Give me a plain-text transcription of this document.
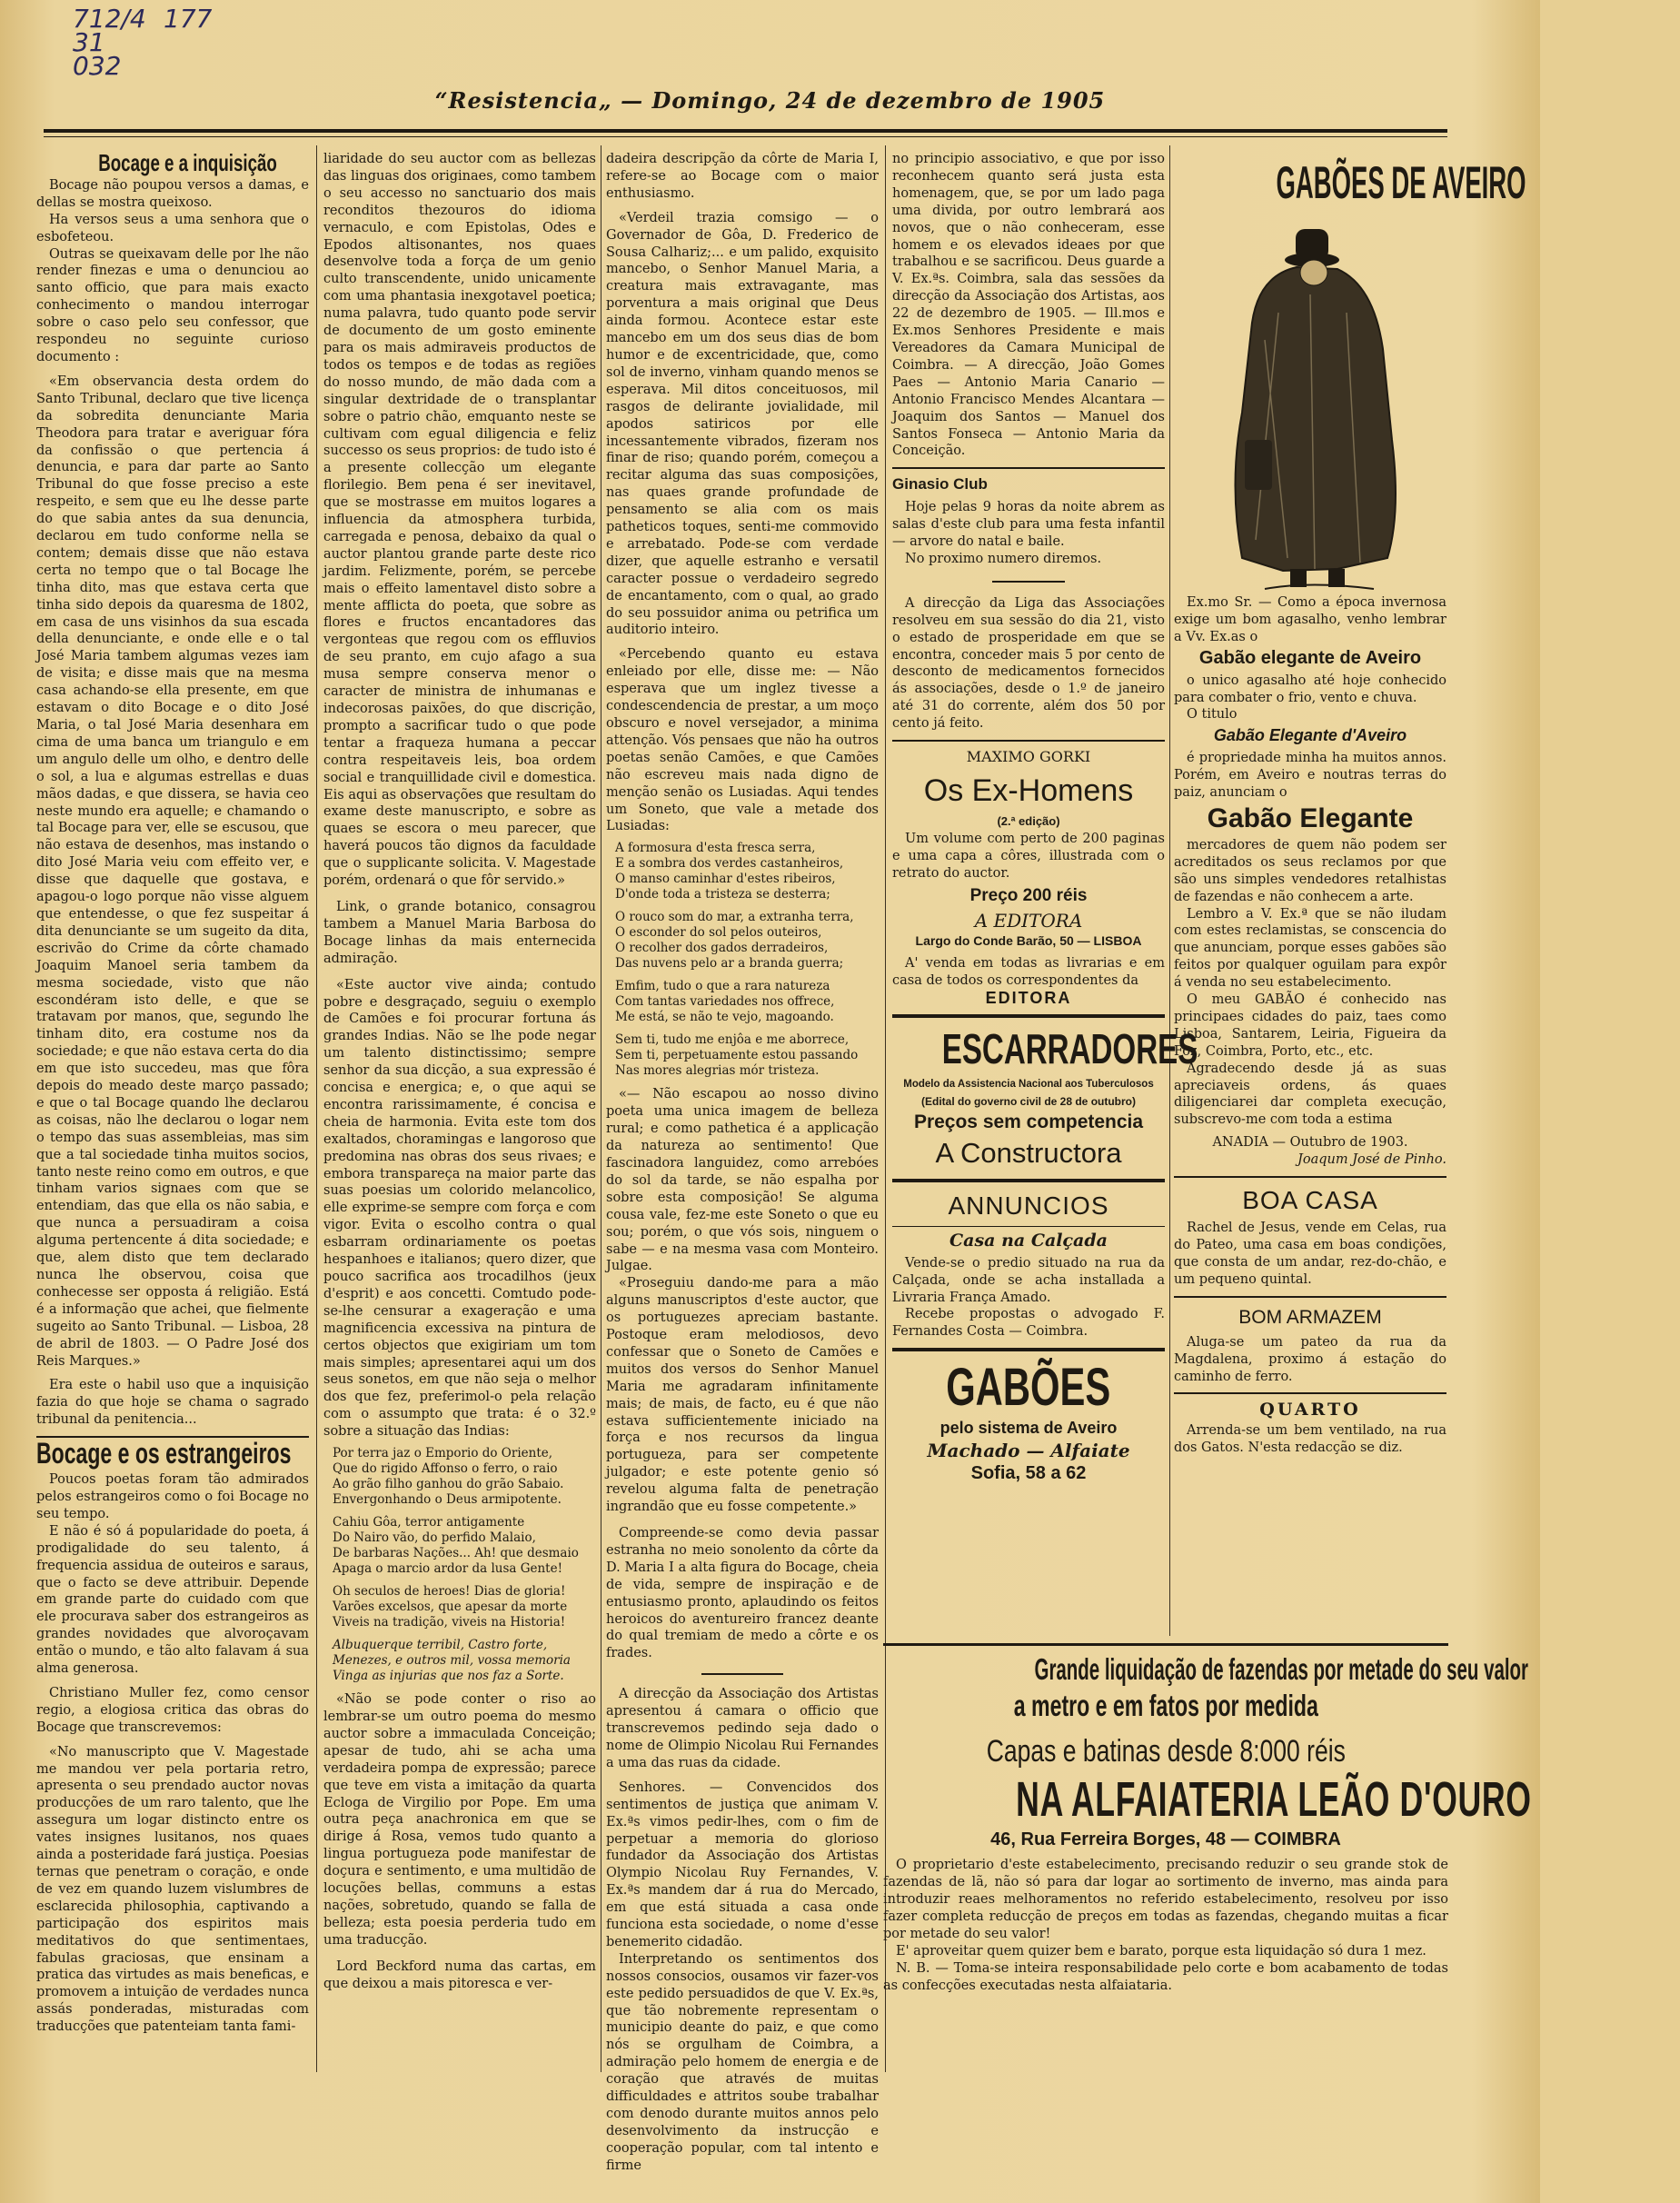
712/4
31
032
177
“Resistencia„ — Domingo, 24 de dezembro de 1905
Bocage e a inquisição

Bocage não poupou versos a damas, e dellas se mostra queixoso.

Ha versos seus a uma senhora que o esbofeteou.

Outras se queixavam delle por lhe não render finezas e uma o denunciou ao santo officio, que para mais exacto conhecimento o mandou interrogar sobre o caso pelo seu confessor, que respondeu no seguinte curioso documento :

«Em observancia desta ordem do Santo Tribunal, declaro que tive licença da sobredita denunciante Maria Theodora para tratar e averiguar fóra da confissão o que pertencia á denuncia, e para dar parte ao Santo Tribunal do que fosse preciso a este respeito, e sem que eu lhe desse parte do que sabia antes da sua denuncia, declarou em tudo conforme nella se contem; demais disse que não estava certa no tempo que o tal Bocage lhe tinha dito, mas que estava certa que tinha sido depois da quaresma de 1802, em casa de uns visinhos da sua escada della denunciante, e onde elle e o tal José Maria tambem algumas vezes iam de visita; e disse mais que na mesma casa achando-se ella presente, em que estavam o dito Bocage e o dito José Maria, o tal José Maria desenhara em cima de uma banca um triangulo e em um angulo delle um olho, e dentro delle o sol, a lua e algumas estrellas e duas mãos dadas, e que dissera, se havia ceo neste mundo era aquelle; e chamando o tal Bocage para ver, elle se escusou, que não estava de desenhos, mas instando o dito José Maria veiu com effeito ver, e disse que daquelle que gostava, e apagou-o logo porque não visse alguem que entendesse, o que fez suspeitar á dita denunciante se um sugeito da dita, escrivão do Crime da côrte chamado Joaquim Manoel seria tambem da mesma sociedade, visto que não escondéram isto delle, e que se tratavam por manos, que, segundo lhe tinham dito, era costume nos da sociedade; e que não estava certa do dia em que isto succedeu, mas que fôra depois do meado deste março passado; e que o tal Bocage quando lhe declarou as coisas, não lhe declarou o logar nem o tempo das suas assembleias, mas sim que a tal sociedade tinha muitos socios, tanto neste reino como em outros, e que tinham varios signaes com que se entendiam, das que ella os não sabia, e que nunca a persuadiram a coisa alguma pertencente á dita sociedade; e que, alem disto que tem declarado nunca lhe observou, coisa que conhecesse ser opposta á religião. Está é a informação que achei, que fielmente sugeito ao Santo Tribunal. — Lisboa, 28 de abril de 1803. — O Padre José dos Reis Marques.»

Era este o habil uso que a inquisição fazia do que hoje se chama o sagrado tribunal da penitencia...

Bocage e os estrangeiros

Poucos poetas foram tão admirados pelos estrangeiros como o foi Bocage no seu tempo.

E não é só á popularidade do poeta, á prodigalidade do seu talento, á frequencia assidua de outeiros e saraus, que o facto se deve attribuir. Depende em grande parte do cuidado com que ele procurava saber dos estrangeiros as grandes novidades que alvoroçavam então o mundo, e tão alto falavam á sua alma generosa.

Christiano Muller fez, como censor regio, a elogiosa critica das obras do Bocage que transcrevemos:

«No manuscripto que V. Magestade me mandou ver pela portaria retro, apresenta o seu prendado auctor novas producções de um raro talento, que lhe assegura um logar distincto entre os vates insignes lusitanos, nos quaes ainda a posteridade fará justiça. Poesias ternas que penetram o coração, e onde de vez em quando luzem vislumbres de esclarecida philosophia, captivando a participação dos espiritos mais meditativos do que sentimentaes, fabulas graciosas, que ensinam a pratica das virtudes as mais beneficas, e promovem a intuição de verdades nunca assás ponderadas, misturadas com traducções que patenteiam tanta fami-

liaridade do seu auctor com as bellezas das linguas dos originaes, como tambem o seu accesso no sanctuario dos mais reconditos thezouros do idioma vernaculo, e com Epistolas, Odes e Epodos altisonantes, nos quaes desenvolve toda a força de um genio culto transcendente, unido unicamente com uma phantasia inexgotavel poetica; numa palavra, tudo quanto pode servir de documento de um gosto eminente para os mais admiraveis productos de todos os tempos e de todas as regiões do nosso mundo, de mão dada com a singular dextridade de o transplantar sobre o patrio chão, emquanto neste se cultivam com egual diligencia e feliz successo os seus proprios: de tudo isto é a presente collecção um elegante florilegio. Bem pena é ser inevitavel, que se mostrasse em muitos logares a influencia da atmosphera turbida, carregada e penosa, debaixo da qual o auctor plantou grande parte deste rico jardim. Felizmente, porém, se percebe mais o effeito lamentavel disto sobre a mente afflicta do poeta, que sobre as flores e fructos encantadores das vergonteas que regou com os effluvios de seu pranto, em cujo afago a sua musa sempre conserva menor o caracter de ministra de inhumanas e indecorosas paixões, do que discrição, prompto a sacrificar tudo o que pode tentar a fraqueza humana a peccar contra respeitaveis leis, boa ordem social e tranquillidade civil e domestica. Eis aqui as observações que resultam do exame deste manuscripto, e sobre as quaes se escora o meu parecer, que haverá poucos tão dignos da faculdade que o supplicante solicita. V. Magestade porém, ordenará o que fôr servido.»

Link, o grande botanico, consagrou tambem a Manuel Maria Barbosa do Bocage linhas da mais enternecida admiração.

«Este auctor vive ainda; contudo pobre e desgraçado, seguiu o exemplo de Camões e foi procurar fortuna ás grandes Indias. Não se lhe pode negar um talento distinctissimo; sempre senhor da sua dicção, a sua expressão é concisa e energica; e, o que aqui se encontra rarissimamente, é concisa e cheia de harmonia. Evita este tom dos exaltados, choramingas e langoroso que predomina nas obras dos seus rivaes; e embora transpareça na maior parte das suas poesias um colorido melancolico, elle exprime-se sempre com força e com vigor. Evita o escolho contra o qual esbarram ordinariamente os poetas hespanhoes e italianos; quero dizer, que pouco sacrifica aos trocadilhos (jeux d'esprit) e aos concetti. Comtudo pode-se-lhe censurar a exageração e uma magnificencia excessiva na pintura de certos objectos que exigiriam um tom mais simples; apresentarei aqui um dos seus sonetos, em que não seja o melhor dos que fez, preferimol-o pela relação com o assumpto que trata: é o 32.º sobre a situação das Indias:

Por terra jaz o Emporio do Oriente,
Que do rigido Affonso o ferro, o raio
Ao grão filho ganhou do grão Sabaio.
Envergonhando o Deus armipotente.
Cahiu Gôa, terror antigamente
Do Nairo vão, do perfido Malaio,
De barbaras Nações... Ah! que desmaio
Apaga o marcio ardor da lusa Gente!
Oh seculos de heroes! Dias de gloria!
Varões excelsos, que apesar da morte
Viveis na tradição, viveis na Historia!
Albuquerque terribil, Castro forte,
Menezes, e outros mil, vossa memoria
Vinga as injurias que nos faz a Sorte.

«Não se pode conter o riso ao lembrar-se um outro poema do mesmo auctor sobre a immaculada Conceição; apesar de tudo, ahi se acha uma verdadeira pompa de expressão; parece que teve em vista a imitação da quarta Ecloga de Virgilio por Pope. Em uma outra peça anachronica em que se dirige á Rosa, vemos tudo quanto a lingua portugueza pode manifestar de doçura e sentimento, e uma multidão de locuções bellas, communs a estas nações, sobretudo, quando se falla de belleza; esta poesia perderia tudo em uma traducção.

Lord Beckford numa das cartas, em que deixou a mais pitoresca e ver-

dadeira descripção da côrte de Maria I, refere-se ao Bocage com o maior enthusiasmo.

«Verdeil trazia comsigo — o Governador de Gôa, D. Frederico de Sousa Calhariz;... e um palido, exquisito mancebo, o Senhor Manuel Maria, a creatura mais extravagante, mas porventura a mais original que Deus ainda formou. Acontece estar este mancebo em um dos seus dias de bom humor e de excentricidade, que, como sol de inverno, vinham quando menos se esperava. Mil ditos conceituosos, mil rasgos de delirante jovialidade, mil apodos satiricos por elle incessantemente vibrados, fizeram nos finar de riso; quando porém, começou a recitar alguma das suas composições, nas quaes grande profundade de pensamento se alia com os mais patheticos toques, senti-me commovido e arrebatado. Pode-se com verdade dizer, que aquelle estranho e versatil caracter possue o verdadeiro segredo de encantamento, com o qual, ao grado do seu possuidor anima ou petrifica um auditorio inteiro.

«Percebendo quanto eu estava enleiado por elle, disse me: — Não esperava que um inglez tivesse a condescendencia de prestar, a um moço obscuro e novel versejador, a minima attenção. Vós pensaes que não ha outros poetas senão Camões, e que Camões não escreveu mais nada digno de menção senão os Lusiadas. Aqui tendes um Soneto, que vale a metade dos Lusiadas:

A formosura d'esta fresca serra,
E a sombra dos verdes castanheiros,
O manso caminhar d'estes ribeiros,
D'onde toda a tristeza se desterra;
O rouco som do mar, a extranha terra,
O esconder do sol pelos outeiros,
O recolher dos gados derradeiros,
Das nuvens pelo ar a branda guerra;
Emfim, tudo o que a rara natureza
Com tantas variedades nos offrece,
Me está, se não te vejo, magoando.
Sem ti, tudo me enjôa e me aborrece,
Sem ti, perpetuamente estou passando
Nas mores alegrias mór tristeza.

«— Não escapou ao nosso divino poeta uma unica imagem de belleza rural; e como pathetica é a applicação da natureza ao sentimento! Que fascinadora languidez, como arrebóes do sol da tarde, se não espalha por sobre esta composição! Se alguma cousa vale, fez-me este Soneto o que eu sou; porém, o que vós sois, ninguem o sabe — e na mesma vasa com Monteiro. Julgae.

«Proseguiu dando-me para a mão alguns manuscriptos d'este auctor, que os portuguezes apreciam bastante. Postoque eram melodiosos, devo confessar que o Soneto de Camões e muitos dos versos do Senhor Manuel Maria me agradaram infinitamente mais; de mais, de facto, eu é que não estava sufficientemente iniciado na força e nos recursos da lingua portugueza, para ser competente julgador; e este potente genio só revelou alguma falta de penetração ingrandão que eu fosse competente.»

Compreende-se como devia passar estranha no meio sonolento da côrte da D. Maria I a alta figura do Bocage, cheia de vida, sempre de inspiração e de entusiasmo pronto, aplaudindo os feitos heroicos do aventureiro francez deante do qual tremiam de medo a côrte e os frades.

A direcção da Associação dos Artistas apresentou á camara o officio que transcrevemos pedindo seja dado o nome de Olimpio Nicolau Rui Fernandes a uma das ruas da cidade.

Senhores. — Convencidos dos sentimentos de justiça que animam V. Ex.ªs vimos pedir-lhes, com o fim de perpetuar a memoria do glorioso fundador da Associação dos Artistas Olympio Nicolau Ruy Fernandes, V. Ex.ªs mandem dar á rua do Mercado, em que está situada a casa onde funciona esta sociedade, o nome d'esse benemerito cidadão.

Interpretando os sentimentos dos nossos consocios, ousamos vir fazer-vos este pedido persuadidos de que V. Ex.ªs, que tão nobremente representam o municipio deante do paiz, e que como nós se orgulham de Coimbra, a admiração pelo homem de energia e de coração que através de muitas difficuldades e attritos soube trabalhar com denodo durante muitos annos pelo desenvolvimento da instrucção e cooperação popular, com tal intento e firme

no principio associativo, e que por isso reconhecem quanto será justa esta homenagem, que, se por um lado paga uma divida, por outro lembrará aos novos, que o não conheceram, esse homem e os elevados ideaes por que trabalhou e se sacrificou. Deus guarde a V. Ex.ªs. Coimbra, sala das sessões da direcção da Associação dos Artistas, aos 22 de dezembro de 1905. — Ill.mos e Ex.mos Senhores Presidente e mais Vereadores da Camara Municipal de Coimbra. — A direcção, João Gomes Paes — Antonio Maria Canario — Antonio Francisco Mendes Alcantara — Joaquim dos Santos — Manuel dos Santos Fonseca — Antonio Maria da Conceição.

Ginasio Club

Hoje pelas 9 horas da noite abrem as salas d'este club para uma festa infantil — arvore do natal e baile.

No proximo numero diremos.

A direcção da Liga das Associações resolveu em sua sessão do dia 21, visto o estado de prosperidade em que se encontra, conceder mais 5 por cento de desconto de medicamentos fornecidos ás associações, desde o 1.º de janeiro até 31 do corrente, além dos 50 por cento já feito.

MAXIMO GORKI
Os Ex-Homens
(2.ª edição)

Um volume com perto de 200 paginas e uma capa a côres, illustrada com o retrato do auctor.

Preço 200 réis
A EDITORA
Largo do Conde Barão, 50 — LISBOA

A' venda em todas as livrarias e em casa de todos os correspondentes da

EDITORA
ESCARRADORES
Modelo da Assistencia Nacional aos Tuberculosos
(Edital do governo civil de 28 de outubro)
Preços sem competencia
A Constructora
ANNUNCIOS
Casa na Calçada

Vende-se o predio situado na rua da Calçada, onde se acha installada a Livraria França Amado.

Recebe propostas o advogado F. Fernandes Costa — Coimbra.

GABÕES
pelo sistema de Aveiro
Machado — Alfaiate
Sofia, 58 a 62
GABÕES DE AVEIRO

Ex.mo Sr. — Como a época invernosa exige um bom agasalho, venho lembrar a Vv. Ex.as o

Gabão elegante de Aveiro

o unico agasalho até hoje conhecido para combater o frio, vento e chuva.

O titulo

Gabão Elegante d'Aveiro

é propriedade minha ha muitos annos. Porém, em Aveiro e noutras terras do paiz, anunciam o

Gabão Elegante

mercadores de quem não podem ser acreditados os seus reclamos por que são uns simples vendedores retalhistas de fazendas e não conhecem a arte.

Lembro a V. Ex.ª que se não iludam com estes reclamistas, se conscencia do que anunciam, porque esses gabões são feitos por qualquer oguilam para expôr á venda no seu estabelecimento.

O meu GABÃO é conhecido nas principaes cidades do paiz, taes como Lisboa, Santarem, Leiria, Figueira da Foz, Coimbra, Porto, etc., etc.

Agradecendo desde já as suas apreciaveis ordens, ás quaes diligenciarei dar completa execução, subscrevo-me com toda a estima

ANADIA — Outubro de 1903.
Joaqum José de Pinho.
BOA CASA

Rachel de Jesus, vende em Celas, rua do Pateo, uma casa em boas condições, que consta de um andar, rez-do-chão, e um pequeno quintal.

BOM ARMAZEM

Aluga-se um pateo da rua da Magdalena, proximo á estação do caminho de ferro.

QUARTO

Arrenda-se um bem ventilado, na rua dos Gatos. N'esta redacção se diz.

Grande liquidação de fazendas por metade do seu valor
a metro e em fatos por medida
Capas e batinas desde 8:000 réis
NA ALFAIATERIA LEÃO D'OURO
46, Rua Ferreira Borges, 48 — COIMBRA

O proprietario d'este estabelecimento, precisando reduzir o seu grande stok de fazendas de lã, não só para dar logar ao sortimento de inverno, mas ainda para introduzir reaes melhoramentos no referido estabelecimento, resolveu por isso fazer completa reducção de preços em todas as fazendas, chegando muitas a ficar por metade do seu valor!

E' aproveitar quem quizer bem e barato, porque esta liquidação só dura 1 mez.

N. B. — Toma-se inteira responsabilidade pelo corte e bom acabamento de todas as confecções executadas nesta alfaiataria.
